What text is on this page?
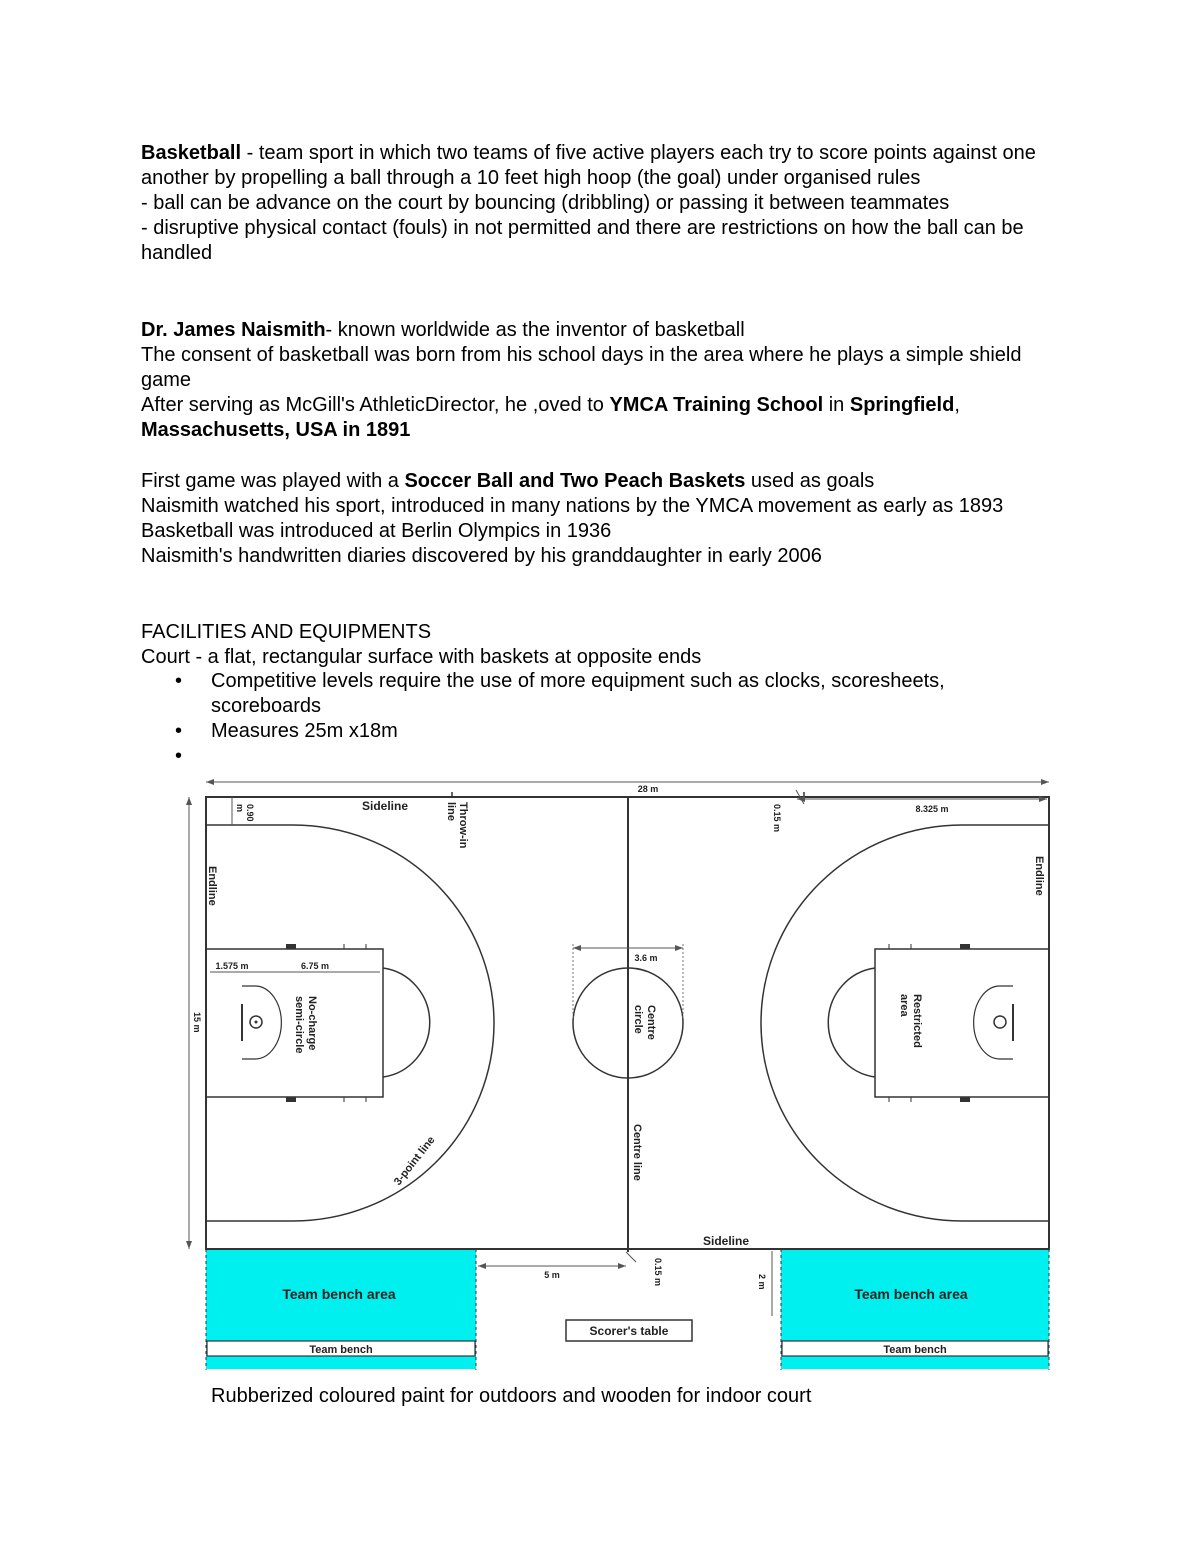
Basketball - team sport in which two teams of five active players each try to score points against one another by propelling a ball through a 10 feet high hoop (the goal) under organised rules

- ball can be advance on the court by bouncing (dribbling) or passing it between teammates

- disruptive physical contact (fouls) in not permitted and there are restrictions on how the ball can be handled

Dr. James Naismith- known worldwide as the inventor of basketball

The consent of basketball was born from his school days in the area where he plays a simple shield game

After serving as McGill's AthleticDirector, he ,oved to YMCA Training School in Springfield,
Massachusetts, USA in 1891

First game was played with a Soccer Ball and Two Peach Baskets used as goals

Naismith watched his sport, introduced in many nations by the YMCA movement as early as 1893

Basketball was introduced at Berlin Olympics in 1936

Naismith's handwritten diaries discovered by his granddaughter in early 2006

FACILITIES AND EQUIPMENTS

Court - a flat, rectangular surface with baskets at opposite ends

•	Competitive levels require the use of more equipment such as clocks, scoresheets, scoreboards
•	Measures 25m x18m
•
28 m
Sideline	Throw-inline
0.90m	0.15 m	8.325 m
Endline	Endline
15 m
1.575 m	6.75 m
No-chargesemi-circle
3.6 m
Centrecircle	Restrictedarea
3-point line	Centre line
Sideline
5 m	0.15 m	2 m
Team bench area	Team bench area
Team bench	Team bench
Scorer's table
Rubberized coloured paint for outdoors and wooden for indoor court
